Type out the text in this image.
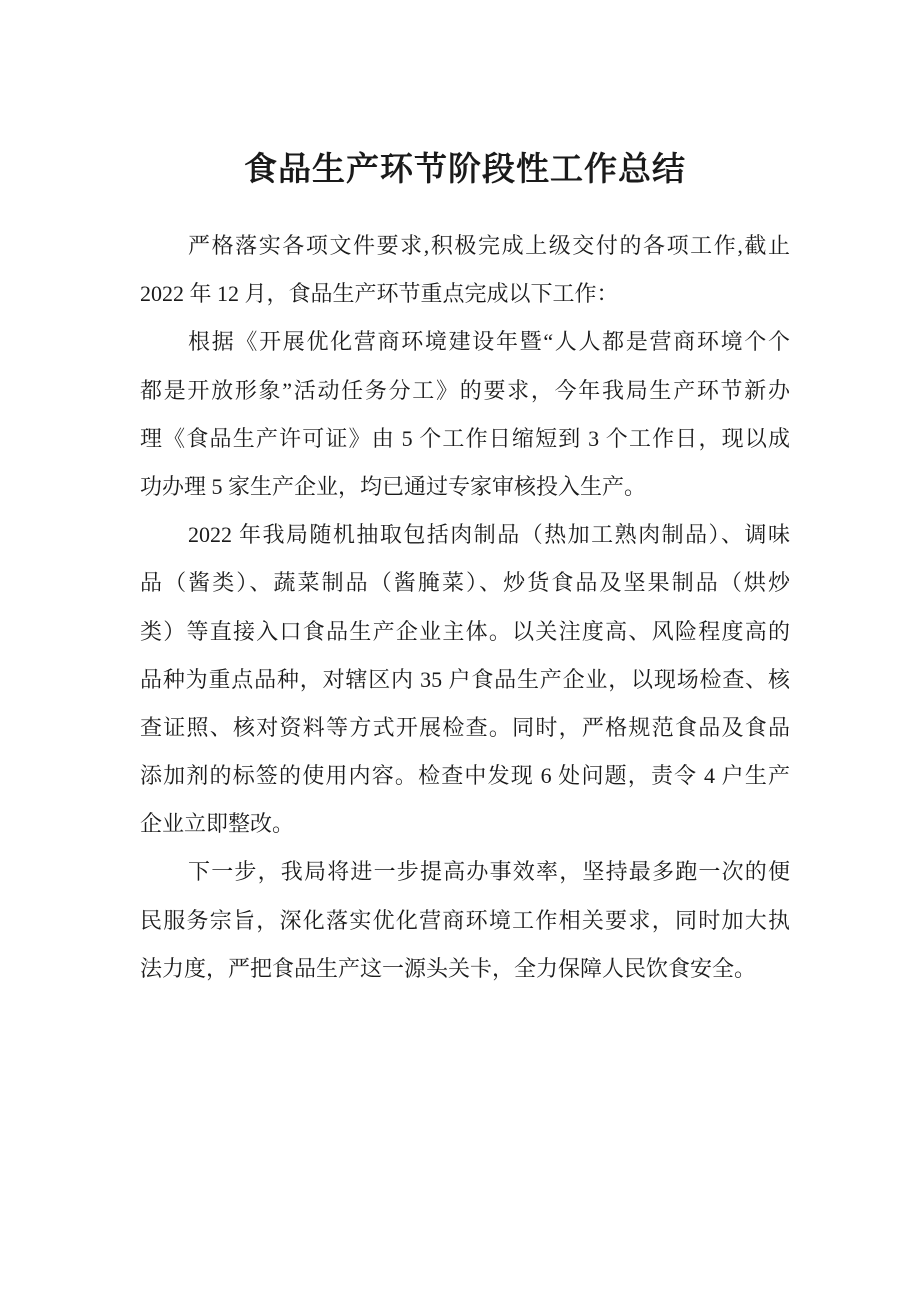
食品生产环节阶段性工作总结
严格落实各项文件要求,积极完成上级交付的各项工作,截止
2022 年 12 月，食品生产环节重点完成以下工作：
根据《开展优化营商环境建设年暨“人人都是营商环境个个
都是开放形象”活动任务分工》的要求，今年我局生产环节新办
理《食品生产许可证》由 5 个工作日缩短到 3 个工作日，现以成
功办理 5 家生产企业，均已通过专家审核投入生产。
2022 年我局随机抽取包括肉制品（热加工熟肉制品）、调味
品（酱类）、蔬菜制品（酱腌菜）、炒货食品及坚果制品（烘炒
类）等直接入口食品生产企业主体。以关注度高、风险程度高的
品种为重点品种，对辖区内 35 户食品生产企业，以现场检查、核
查证照、核对资料等方式开展检查。同时，严格规范食品及食品
添加剂的标签的使用内容。检查中发现 6 处问题，责令 4 户生产
企业立即整改。
下一步，我局将进一步提高办事效率，坚持最多跑一次的便
民服务宗旨，深化落实优化营商环境工作相关要求，同时加大执
法力度，严把食品生产这一源头关卡，全力保障人民饮食安全。
